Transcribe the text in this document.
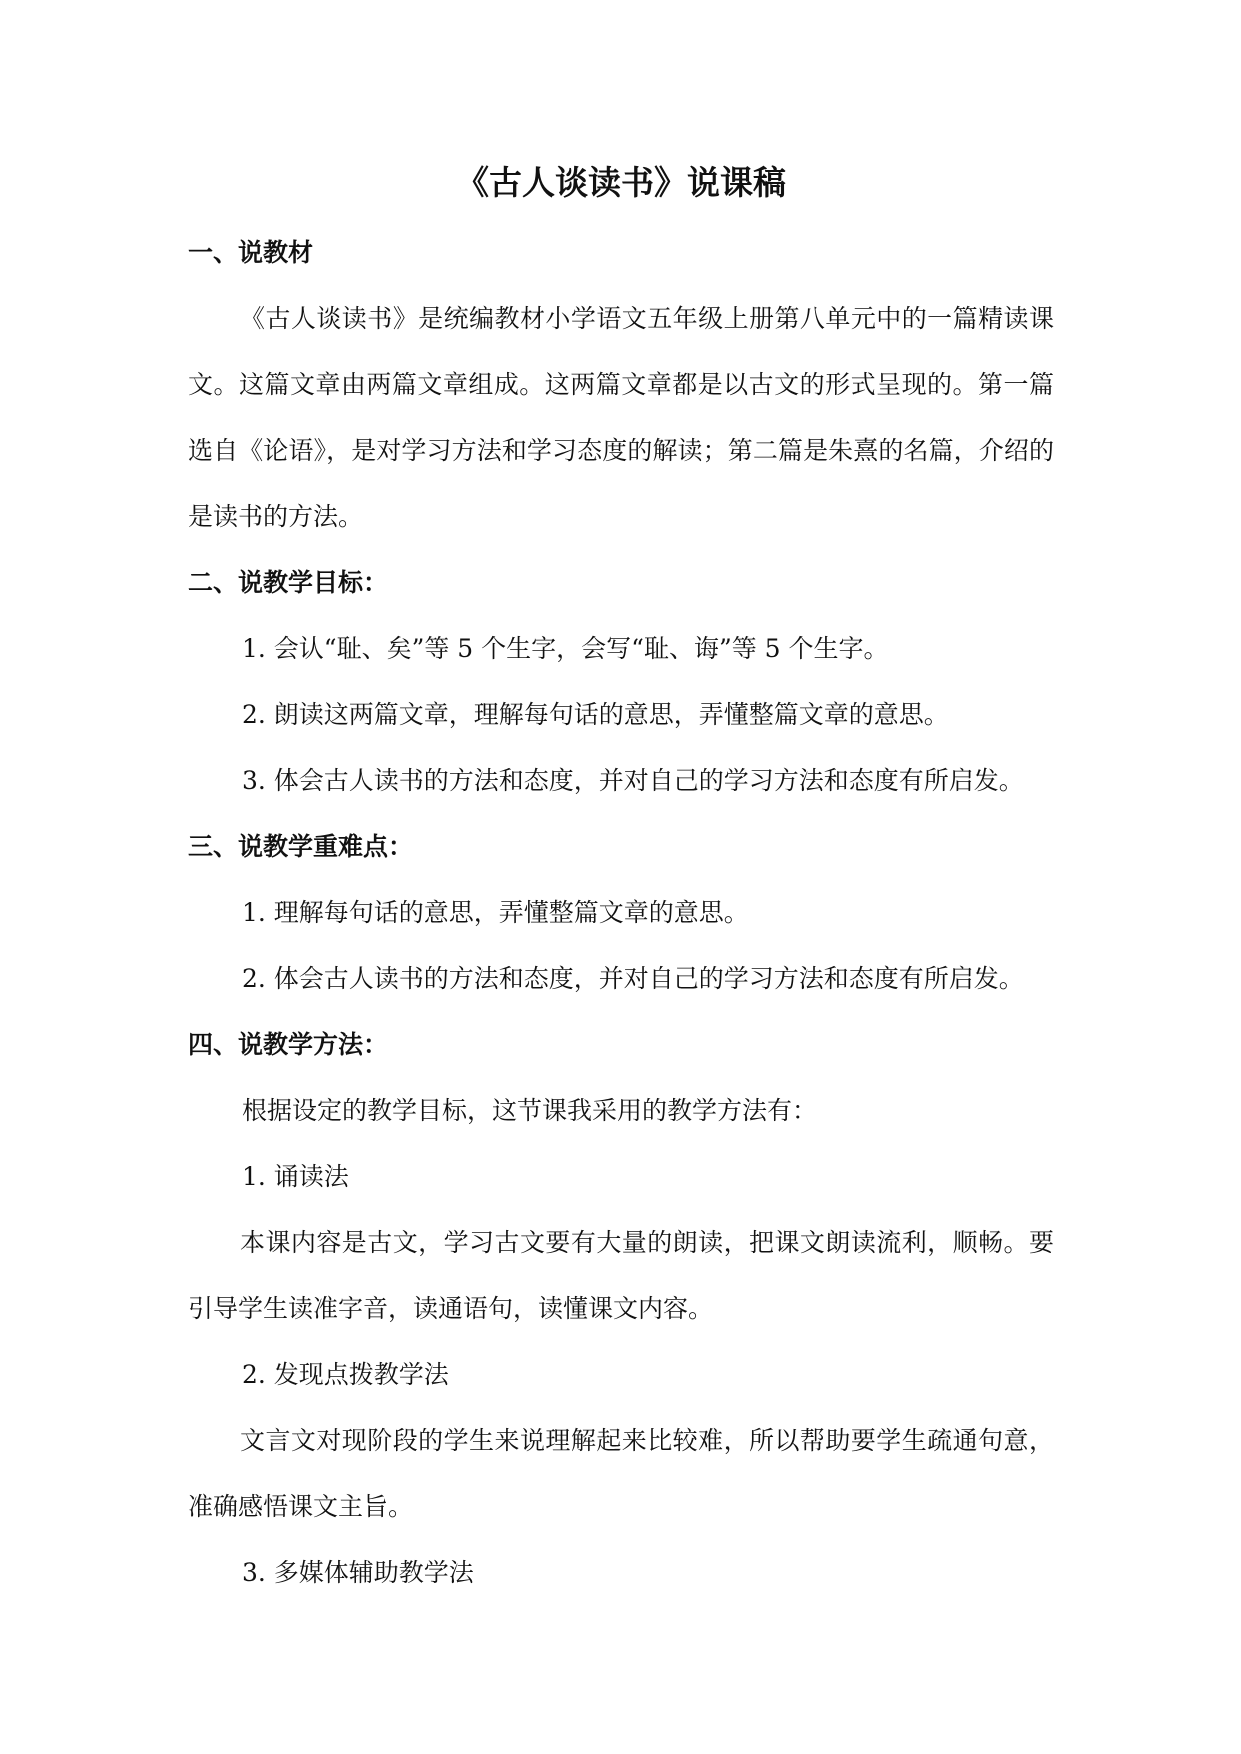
《古人谈读书》说课稿
一、说教材

《古人谈读书》是统编教材小学语文五年级上册第八单元中的一篇精读课文。这篇文章由两篇文章组成。这两篇文章都是以古文的形式呈现的。第一篇选自《论语》，是对学习方法和学习态度的解读；第二篇是朱熹的名篇，介绍的是读书的方法。

二、说教学目标：

1. 会认“耻、矣”等 5 个生字，会写“耻、诲”等 5 个生字。

2. 朗读这两篇文章，理解每句话的意思，弄懂整篇文章的意思。

3. 体会古人读书的方法和态度，并对自己的学习方法和态度有所启发。

三、说教学重难点：

1. 理解每句话的意思，弄懂整篇文章的意思。

2. 体会古人读书的方法和态度，并对自己的学习方法和态度有所启发。

四、说教学方法：

根据设定的教学目标，这节课我采用的教学方法有：

1. 诵读法

本课内容是古文，学习古文要有大量的朗读，把课文朗读流利，顺畅。要引导学生读准字音，读通语句，读懂课文内容。

2. 发现点拨教学法

文言文对现阶段的学生来说理解起来比较难，所以帮助要学生疏通句意，准确感悟课文主旨。

3. 多媒体辅助教学法
